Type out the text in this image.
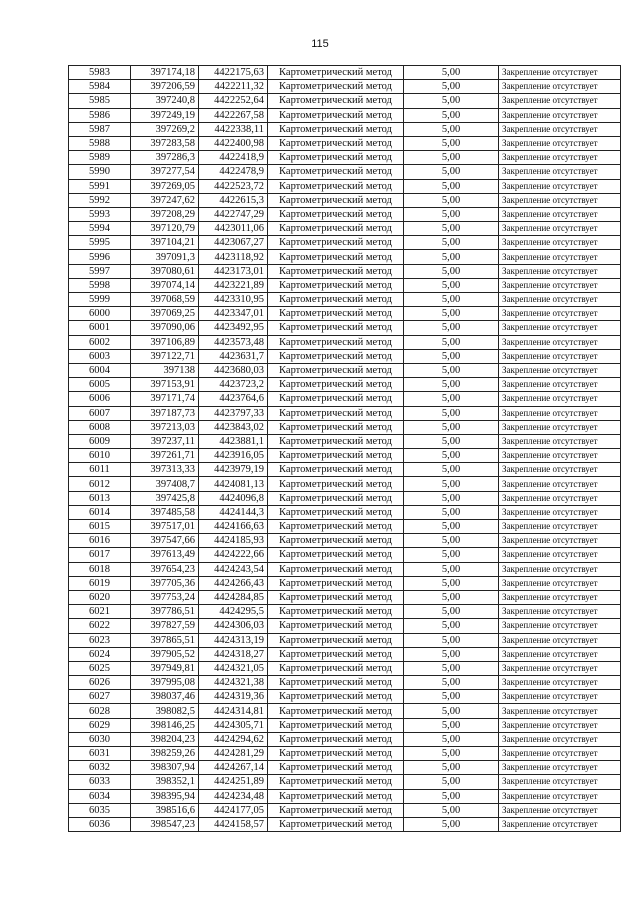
115
5983	397174,18	4422175,63	Картометрический метод	5,00	Закрепление отсутствует
5984	397206,59	4422211,32	Картометрический метод	5,00	Закрепление отсутствует
5985	397240,8	4422252,64	Картометрический метод	5,00	Закрепление отсутствует
5986	397249,19	4422267,58	Картометрический метод	5,00	Закрепление отсутствует
5987	397269,2	4422338,11	Картометрический метод	5,00	Закрепление отсутствует
5988	397283,58	4422400,98	Картометрический метод	5,00	Закрепление отсутствует
5989	397286,3	4422418,9	Картометрический метод	5,00	Закрепление отсутствует
5990	397277,54	4422478,9	Картометрический метод	5,00	Закрепление отсутствует
5991	397269,05	4422523,72	Картометрический метод	5,00	Закрепление отсутствует
5992	397247,62	4422615,3	Картометрический метод	5,00	Закрепление отсутствует
5993	397208,29	4422747,29	Картометрический метод	5,00	Закрепление отсутствует
5994	397120,79	4423011,06	Картометрический метод	5,00	Закрепление отсутствует
5995	397104,21	4423067,27	Картометрический метод	5,00	Закрепление отсутствует
5996	397091,3	4423118,92	Картометрический метод	5,00	Закрепление отсутствует
5997	397080,61	4423173,01	Картометрический метод	5,00	Закрепление отсутствует
5998	397074,14	4423221,89	Картометрический метод	5,00	Закрепление отсутствует
5999	397068,59	4423310,95	Картометрический метод	5,00	Закрепление отсутствует
6000	397069,25	4423347,01	Картометрический метод	5,00	Закрепление отсутствует
6001	397090,06	4423492,95	Картометрический метод	5,00	Закрепление отсутствует
6002	397106,89	4423573,48	Картометрический метод	5,00	Закрепление отсутствует
6003	397122,71	4423631,7	Картометрический метод	5,00	Закрепление отсутствует
6004	397138	4423680,03	Картометрический метод	5,00	Закрепление отсутствует
6005	397153,91	4423723,2	Картометрический метод	5,00	Закрепление отсутствует
6006	397171,74	4423764,6	Картометрический метод	5,00	Закрепление отсутствует
6007	397187,73	4423797,33	Картометрический метод	5,00	Закрепление отсутствует
6008	397213,03	4423843,02	Картометрический метод	5,00	Закрепление отсутствует
6009	397237,11	4423881,1	Картометрический метод	5,00	Закрепление отсутствует
6010	397261,71	4423916,05	Картометрический метод	5,00	Закрепление отсутствует
6011	397313,33	4423979,19	Картометрический метод	5,00	Закрепление отсутствует
6012	397408,7	4424081,13	Картометрический метод	5,00	Закрепление отсутствует
6013	397425,8	4424096,8	Картометрический метод	5,00	Закрепление отсутствует
6014	397485,58	4424144,3	Картометрический метод	5,00	Закрепление отсутствует
6015	397517,01	4424166,63	Картометрический метод	5,00	Закрепление отсутствует
6016	397547,66	4424185,93	Картометрический метод	5,00	Закрепление отсутствует
6017	397613,49	4424222,66	Картометрический метод	5,00	Закрепление отсутствует
6018	397654,23	4424243,54	Картометрический метод	5,00	Закрепление отсутствует
6019	397705,36	4424266,43	Картометрический метод	5,00	Закрепление отсутствует
6020	397753,24	4424284,85	Картометрический метод	5,00	Закрепление отсутствует
6021	397786,51	4424295,5	Картометрический метод	5,00	Закрепление отсутствует
6022	397827,59	4424306,03	Картометрический метод	5,00	Закрепление отсутствует
6023	397865,51	4424313,19	Картометрический метод	5,00	Закрепление отсутствует
6024	397905,52	4424318,27	Картометрический метод	5,00	Закрепление отсутствует
6025	397949,81	4424321,05	Картометрический метод	5,00	Закрепление отсутствует
6026	397995,08	4424321,38	Картометрический метод	5,00	Закрепление отсутствует
6027	398037,46	4424319,36	Картометрический метод	5,00	Закрепление отсутствует
6028	398082,5	4424314,81	Картометрический метод	5,00	Закрепление отсутствует
6029	398146,25	4424305,71	Картометрический метод	5,00	Закрепление отсутствует
6030	398204,23	4424294,62	Картометрический метод	5,00	Закрепление отсутствует
6031	398259,26	4424281,29	Картометрический метод	5,00	Закрепление отсутствует
6032	398307,94	4424267,14	Картометрический метод	5,00	Закрепление отсутствует
6033	398352,1	4424251,89	Картометрический метод	5,00	Закрепление отсутствует
6034	398395,94	4424234,48	Картометрический метод	5,00	Закрепление отсутствует
6035	398516,6	4424177,05	Картометрический метод	5,00	Закрепление отсутствует
6036	398547,23	4424158,57	Картометрический метод	5,00	Закрепление отсутствует
